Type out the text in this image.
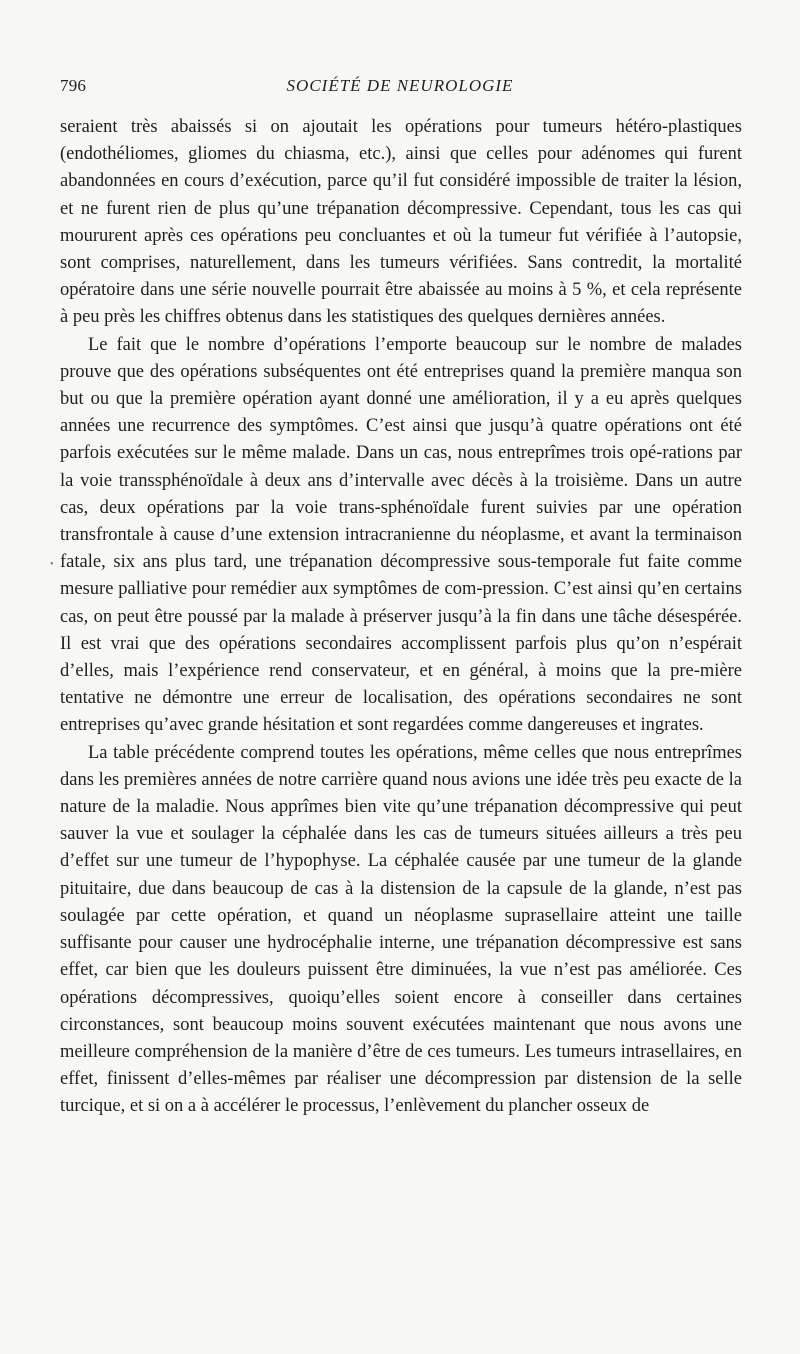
796	SOCIÉTÉ DE NEUROLOGIE
•

seraient très abaissés si on ajoutait les opérations pour tumeurs hétéro-plastiques (endothéliomes, gliomes du chiasma, etc.), ainsi que celles pour adénomes qui furent abandonnées en cours d’exécution, parce qu’il fut considéré impossible de traiter la lésion, et ne furent rien de plus qu’une trépanation décompressive. Cependant, tous les cas qui moururent après ces opérations peu concluantes et où la tumeur fut vérifiée à l’autopsie, sont comprises, naturellement, dans les tumeurs vérifiées. Sans contredit, la mortalité opératoire dans une série nouvelle pourrait être abaissée au moins à 5 %, et cela représente à peu près les chiffres obtenus dans les statistiques des quelques dernières années.

Le fait que le nombre d’opérations l’emporte beaucoup sur le nombre de malades prouve que des opérations subséquentes ont été entreprises quand la première manqua son but ou que la première opération ayant donné une amélioration, il y a eu après quelques années une recurrence des symptômes. C’est ainsi que jusqu’à quatre opérations ont été parfois exécutées sur le même malade. Dans un cas, nous entreprîmes trois opé-rations par la voie transsphénoïdale à deux ans d’intervalle avec décès à la troisième. Dans un autre cas, deux opérations par la voie trans-sphénoïdale furent suivies par une opération transfrontale à cause d’une extension intracranienne du néoplasme, et avant la terminaison fatale, six ans plus tard, une trépanation décompressive sous-temporale fut faite comme mesure palliative pour remédier aux symptômes de com-pression. C’est ainsi qu’en certains cas, on peut être poussé par la malade à préserver jusqu’à la fin dans une tâche désespérée. Il est vrai que des opérations secondaires accomplissent parfois plus qu’on n’espérait d’elles, mais l’expérience rend conservateur, et en général, à moins que la pre-mière tentative ne démontre une erreur de localisation, des opérations secondaires ne sont entreprises qu’avec grande hésitation et sont regardées comme dangereuses et ingrates.

La table précédente comprend toutes les opérations, même celles que nous entreprîmes dans les premières années de notre carrière quand nous avions une idée très peu exacte de la nature de la maladie. Nous apprîmes bien vite qu’une trépanation décompressive qui peut sauver la vue et soulager la céphalée dans les cas de tumeurs situées ailleurs a très peu d’effet sur une tumeur de l’hypophyse. La céphalée causée par une tumeur de la glande pituitaire, due dans beaucoup de cas à la distension de la capsule de la glande, n’est pas soulagée par cette opération, et quand un néoplasme suprasellaire atteint une taille suffisante pour causer une hydrocéphalie interne, une trépanation décompressive est sans effet, car bien que les douleurs puissent être diminuées, la vue n’est pas améliorée. Ces opérations décompressives, quoiqu’elles soient encore à conseiller dans certaines circonstances, sont beaucoup moins souvent exécutées maintenant que nous avons une meilleure compréhension de la manière d’être de ces tumeurs. Les tumeurs intrasellaires, en effet, finissent d’elles-mêmes par réaliser une décompression par distension de la selle turcique, et si on a à accélérer le processus, l’enlèvement du plancher osseux de
